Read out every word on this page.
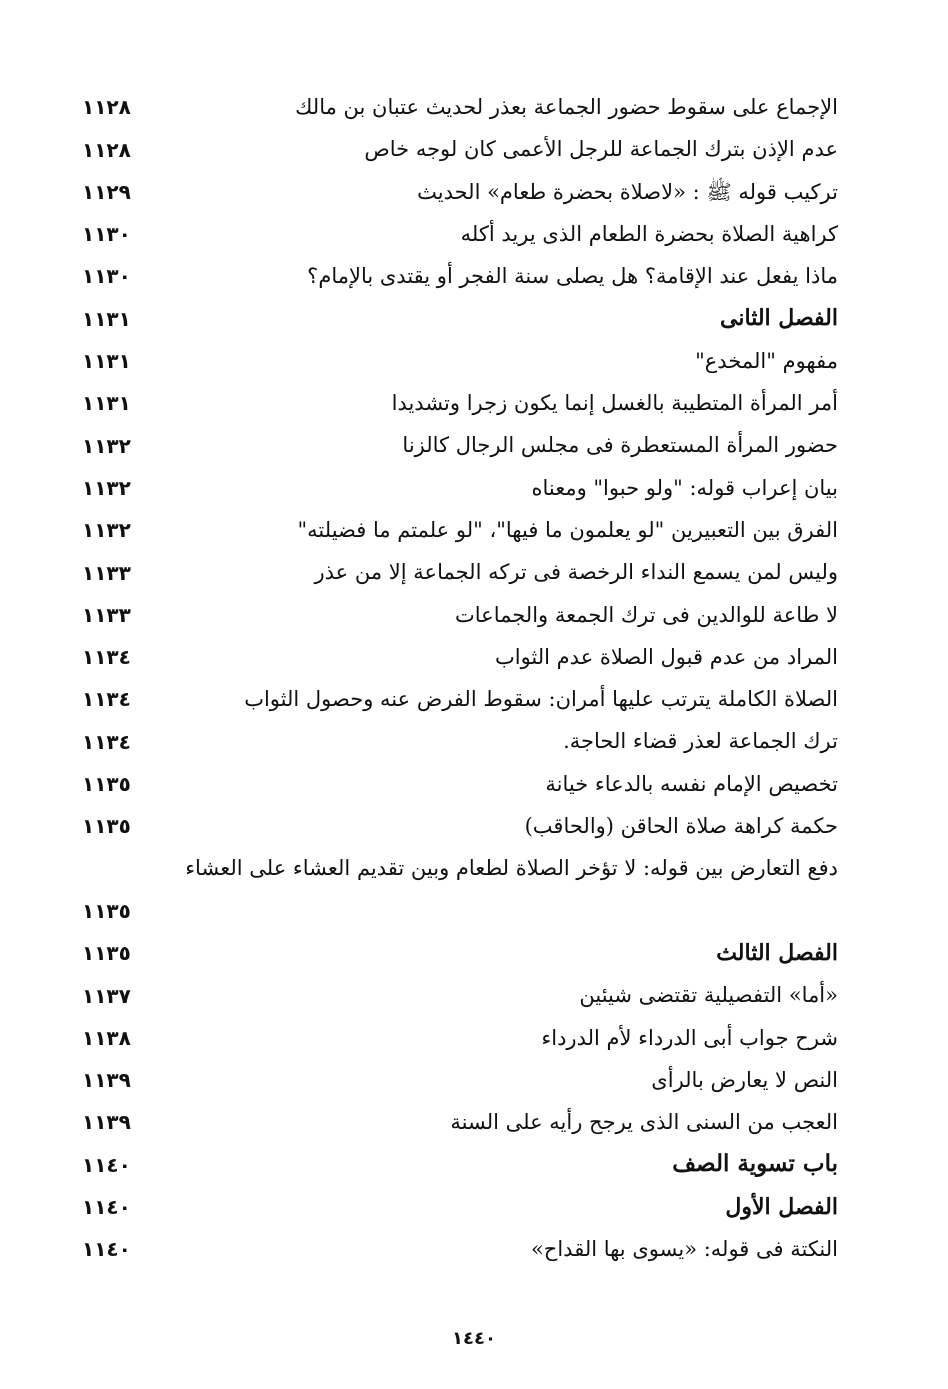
الإجماع على سقوط حضور الجماعة بعذر لحديث عتبان بن مالك
١١٢٨
عدم الإذن بترك الجماعة للرجل الأعمى كان لوجه خاص
١١٢٨
تركيب قوله ﷺ : «لاصلاة بحضرة طعام» الحديث
١١٢٩
كراهية الصلاة بحضرة الطعام الذى يريد أكله
١١٣٠
ماذا يفعل عند الإقامة؟ هل يصلى سنة الفجر أو يقتدى بالإمام؟
١١٣٠
الفصل الثانى
١١٣١
مفهوم "المخدع"
١١٣١
أمر المرأة المتطيبة بالغسل إنما يكون زجرا وتشديدا
١١٣١
حضور المرأة المستعطرة فى مجلس الرجال كالزنا
١١٣٢
بيان إعراب قوله: "ولو حبوا" ومعناه
١١٣٢
الفرق بين التعبيرين "لو يعلمون ما فيها"، "لو علمتم ما فضيلته"
١١٣٢
وليس لمن يسمع النداء الرخصة فى تركه الجماعة إلا من عذر
١١٣٣
لا طاعة للوالدين فى ترك الجمعة والجماعات
١١٣٣
المراد من عدم قبول الصلاة عدم الثواب
١١٣٤
الصلاة الكاملة يترتب عليها أمران: سقوط الفرض عنه وحصول الثواب
١١٣٤
ترك الجماعة لعذر قضاء الحاجة.
١١٣٤
تخصيص الإمام نفسه بالدعاء خيانة
١١٣٥
حكمة كراهة صلاة الحاقن (والحاقب)
١١٣٥
دفع التعارض بين قوله: لا تؤخر الصلاة لطعام وبين تقديم العشاء على العشاء
١١٣٥
الفصل الثالث
١١٣٥
«أما» التفصيلية تقتضى شيئين
١١٣٧
شرح جواب أبى الدرداء لأم الدرداء
١١٣٨
النص لا يعارض بالرأى
١١٣٩
العجب من السنى الذى يرجح رأيه على السنة
١١٣٩
باب تسوية الصف
١١٤٠
الفصل الأول
١١٤٠
النكتة فى قوله: «يسوى بها القداح»
١١٤٠
١٤٤٠
